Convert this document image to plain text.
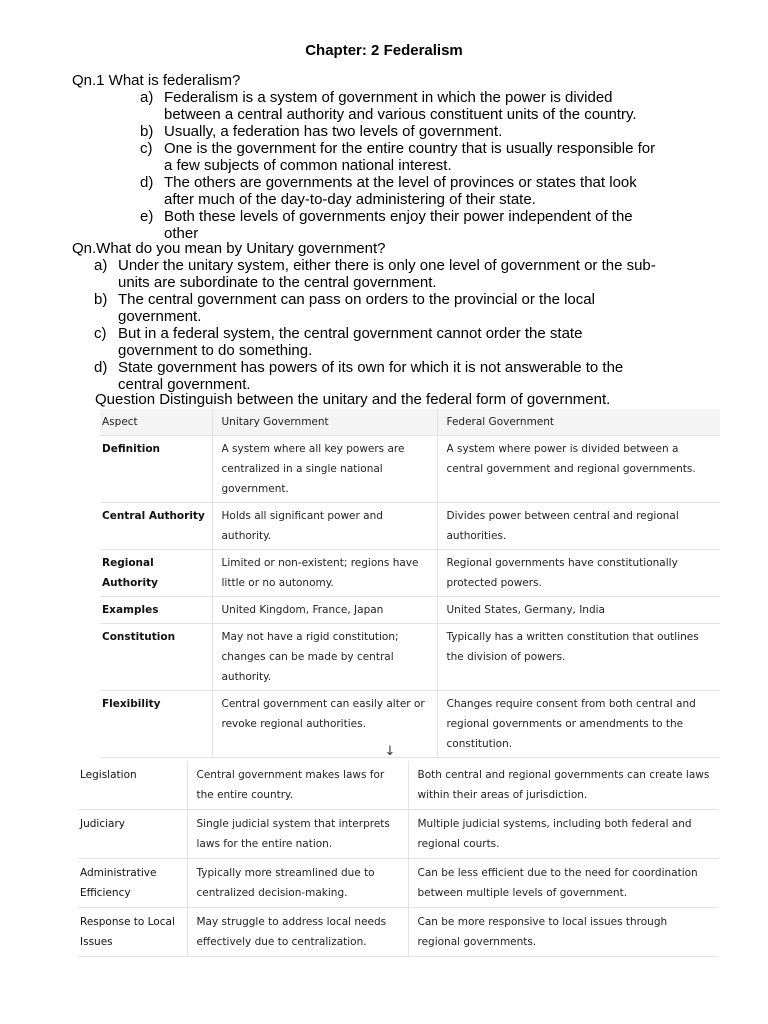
Chapter: 2 Federalism
Qn.1 What is federalism?
a) Federalism is a system of government in which the power is divided between a central authority and various constituent units of the country.
b) Usually, a federation has two levels of government.
c) One is the government for the entire country that is usually responsible for a few subjects of common national interest.
d) The others are governments at the level of provinces or states that look after much of the day-to-day administering of their state.
e) Both these levels of governments enjoy their power independent of the other
Qn.What do you mean by Unitary government?
a) Under the unitary system, either there is only one level of government or the sub-units are subordinate to the central government.
b) The central government can pass on orders to the provincial or the local government.
c) But in a federal system, the central government cannot order the state government to do something.
d) State government has powers of its own for which it is not answerable to the central government.
Question Distinguish between the unitary and the federal form of government.
Aspect	Unitary Government	Federal Government
Definition	A system where all key powers are centralized in a single national government.	A system where power is divided between a central government and regional governments.
Central Authority	Holds all significant power and authority.	Divides power between central and regional authorities.
Regional Authority	Limited or non-existent; regions have little or no autonomy.	Regional governments have constitutionally protected powers.
Examples	United Kingdom, France, Japan	United States, Germany, India
Constitution	May not have a rigid constitution; changes can be made by central authority.	Typically has a written constitution that outlines the division of powers.
Flexibility	Central government can easily alter or revoke regional authorities.	Changes require consent from both central and regional governments or amendments to the constitution.
↓
Legislation	Central government makes laws for the entire country.	Both central and regional governments can create laws within their areas of jurisdiction.
Judiciary	Single judicial system that interprets laws for the entire nation.	Multiple judicial systems, including both federal and regional courts.
Administrative Efficiency	Typically more streamlined due to centralized decision-making.	Can be less efficient due to the need for coordination between multiple levels of government.
Response to Local Issues	May struggle to address local needs effectively due to centralization.	Can be more responsive to local issues through regional governments.
